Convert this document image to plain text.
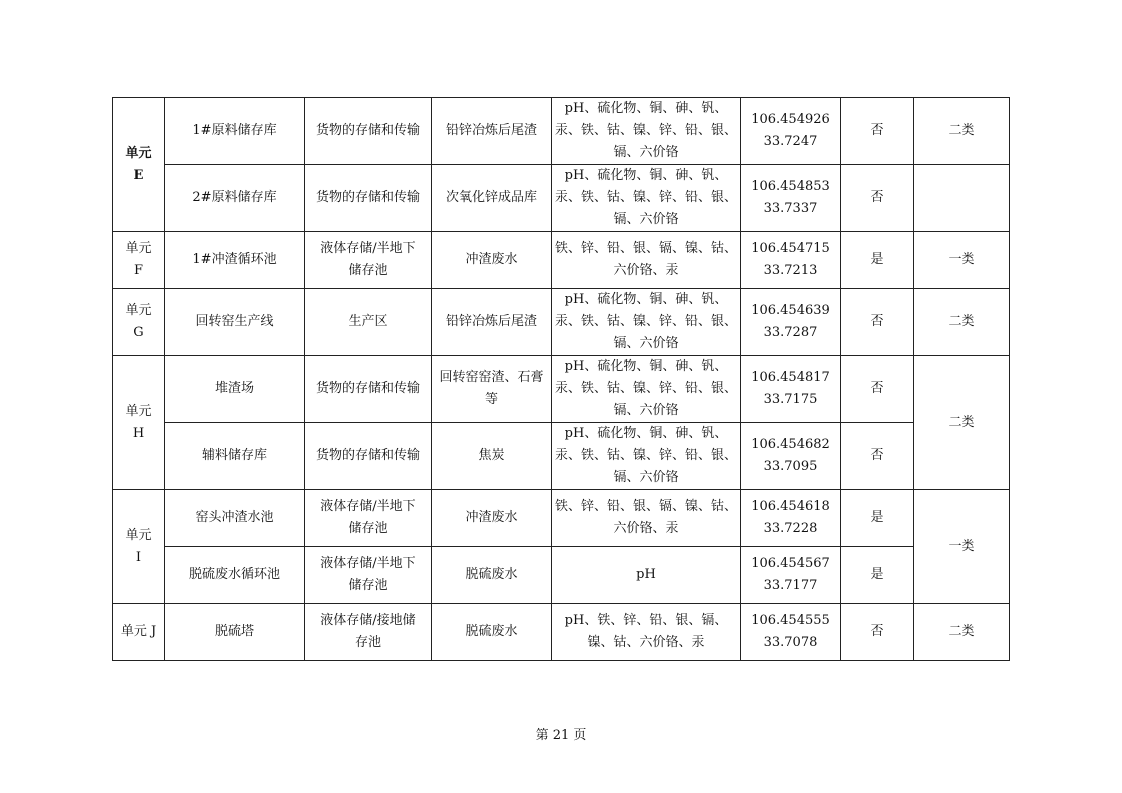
单元
E	1#原料储存库	货物的存储和传输	铅锌冶炼后尾渣	pH、硫化物、铜、砷、钒、汞、铁、钴、镍、锌、铅、银、镉、六价铬	106.454926
33.7247	否	二类
	2#原料储存库	货物的存储和传输	次氧化锌成品库	pH、硫化物、铜、砷、钒、汞、铁、钴、镍、锌、铅、银、镉、六价铬	106.454853
33.7337	否	
单元
F	1#冲渣循环池	液体存储/半地下
储存池	冲渣废水	铁、锌、铅、银、镉、镍、钴、六价铬、汞	106.454715
33.7213	是	一类
单元
G	回转窑生产线	生产区	铅锌冶炼后尾渣	pH、硫化物、铜、砷、钒、汞、铁、钴、镍、锌、铅、银、镉、六价铬	106.454639
33.7287	否	二类
单元
H	堆渣场	货物的存储和传输	回转窑窑渣、石膏
等	pH、硫化物、铜、砷、钒、汞、铁、钴、镍、锌、铅、银、镉、六价铬	106.454817
33.7175	否	二类
	辅料储存库	货物的存储和传输	焦炭	pH、硫化物、铜、砷、钒、汞、铁、钴、镍、锌、铅、银、镉、六价铬	106.454682
33.7095	否	
单元
I	窑头冲渣水池	液体存储/半地下
储存池	冲渣废水	铁、锌、铅、银、镉、镍、钴、六价铬、汞	106.454618
33.7228	是	一类
	脱硫废水循环池	液体存储/半地下
储存池	脱硫废水	pH	106.454567
33.7177	是	
单元 J	脱硫塔	液体存储/接地储
存池	脱硫废水	pH、铁、锌、铅、银、镉、镍、钴、六价铬、汞	106.454555
33.7078	否	二类
第 21 页
